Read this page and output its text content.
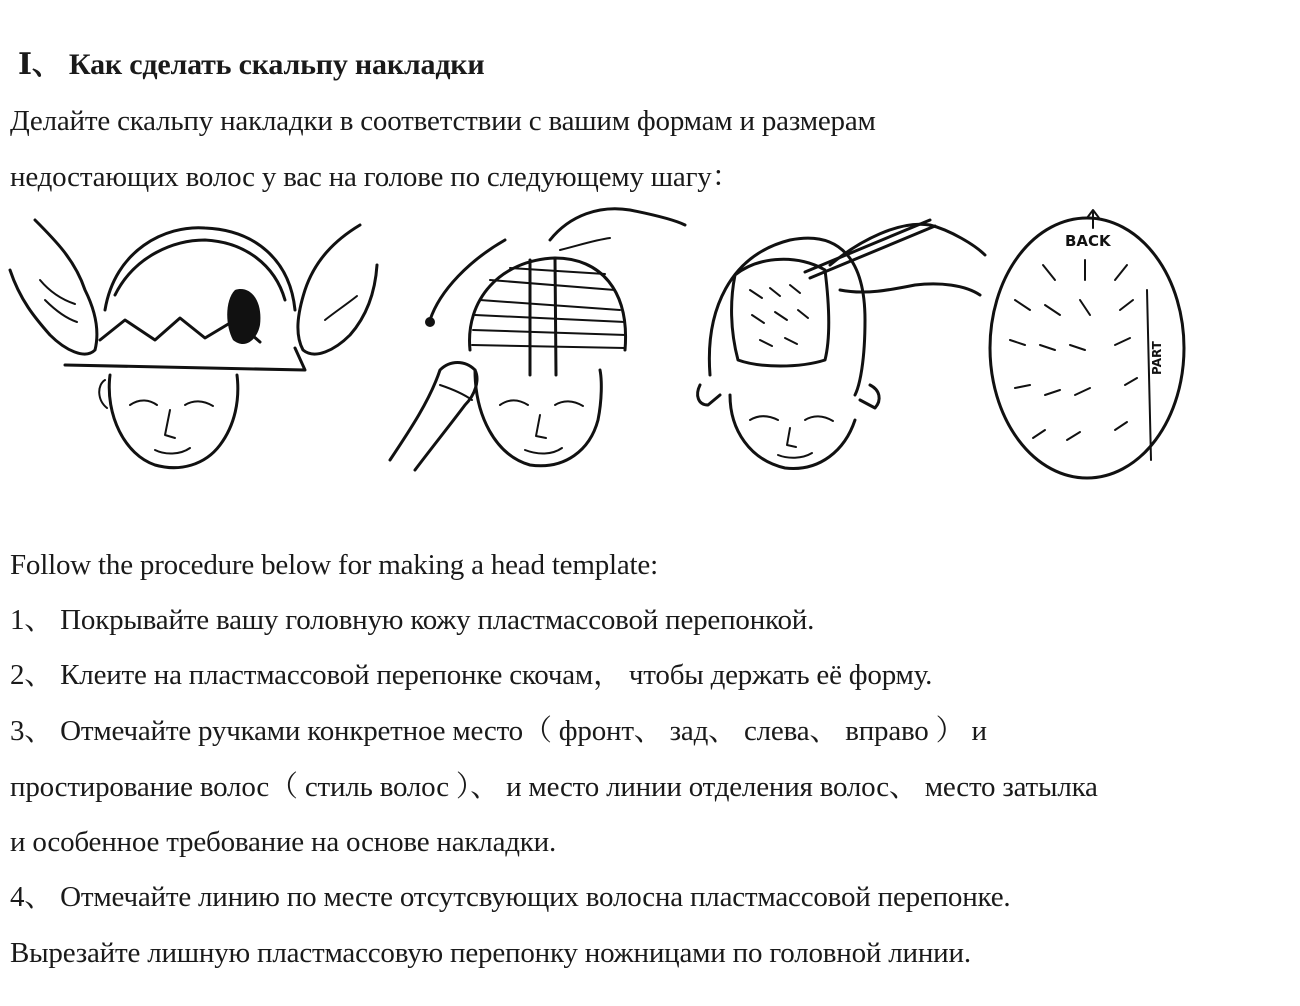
Ⅰ、 Как сделать скальпу накладки
Делайте скальпу накладки в соответствии с вашим формам и размерам
недостающих волос у вас на голове по следующему шагу：
BACK
PART
Follow the procedure below for making a head template:
1、 Покрывайте вашу головную кожу пластмассовой перепонкой.
2、 Клеите на пластмассовой перепонке скочам， чтобы держать её форму.
3、 Отмечайте ручками конкретное место（ фронт、 зад、 слева、 вправо ） и
простирование волос（ стиль волос ）、 и место линии отделения волос、 место затылка
и особенное требование на основе накладки.
4、 Отмечайте линию по месте отсутсвующих волосна пластмассовой перепонке.
Вырезайте лишную пластмассовую перепонку ножницами по головной линии.
